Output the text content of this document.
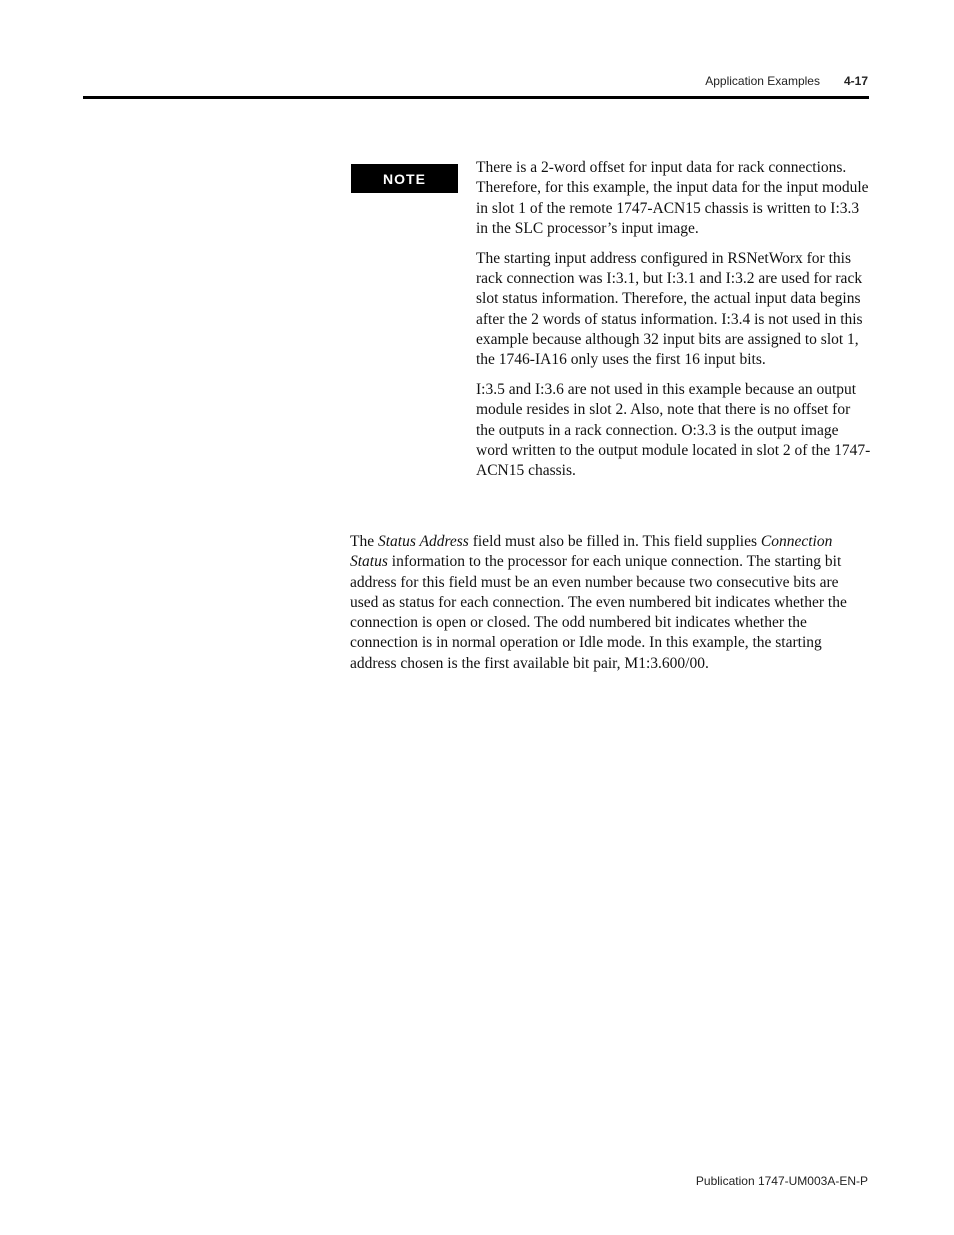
Application Examples 4-17
NOTE

There is a 2-word offset for input data for rack connections. Therefore, for this example, the input data for the input module in slot 1 of the remote 1747-ACN15 chassis is written to I:3.3 in the SLC processor’s input image.

The starting input address configured in RSNetWorx for this rack connection was I:3.1, but I:3.1 and I:3.2 are used for rack slot status information. Therefore, the actual input data begins after the 2 words of status information. I:3.4 is not used in this example because although 32 input bits are assigned to slot 1, the 1746-IA16 only uses the first 16 input bits.

I:3.5 and I:3.6 are not used in this example because an output module resides in slot 2. Also, note that there is no offset for the outputs in a rack connection. O:3.3 is the output image word written to the output module located in slot 2 of the 1747-ACN15 chassis.

The Status Address field must also be filled in. This field supplies Connection Status information to the processor for each unique connection. The starting bit address for this field must be an even number because two consecutive bits are used as status for each connection. The even numbered bit indicates whether the connection is open or closed. The odd numbered bit indicates whether the connection is in normal operation or Idle mode. In this example, the starting address chosen is the first available bit pair, M1:3.600/00.

Publication 1747-UM003A-EN-P
